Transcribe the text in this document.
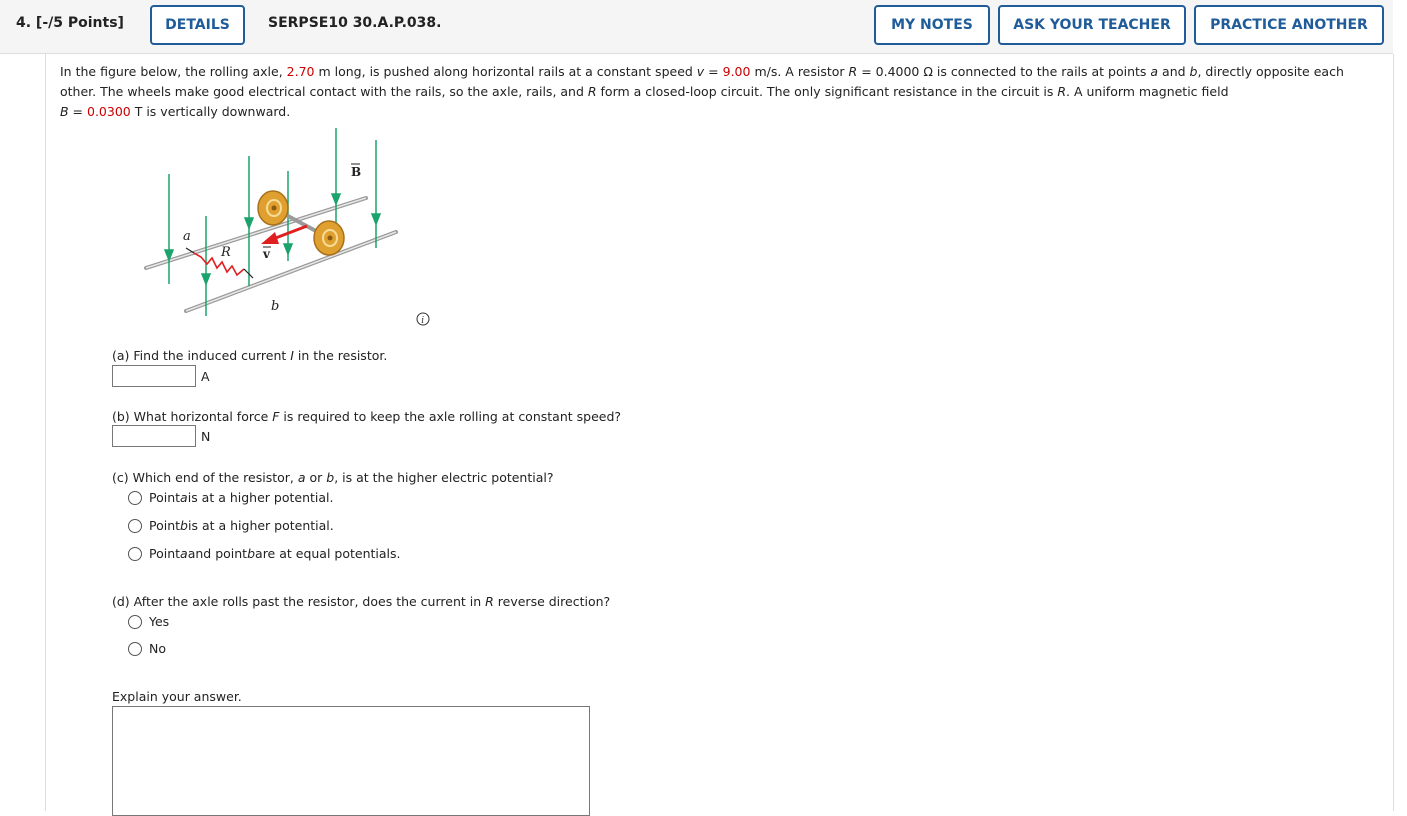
4. [-/5 Points]	DETAILS	SERPSE10 30.A.P.038.	MY NOTES	ASK YOUR TEACHER	PRACTICE ANOTHER
In the figure below, the rolling axle, 2.70 m long, is pushed along horizontal rails at a constant speed v = 9.00 m/s. A resistor R = 0.4000 Ω is connected to the rails at points a and b, directly opposite each other. The wheels make good electrical contact with the rails, so the axle, rails, and R form a closed-loop circuit. The only significant resistance in the circuit is R. A uniform magnetic field
B = 0.0300 T is vertically downward.
a
b
R	v
B
i
(a) Find the induced current I in the resistor.
A
(b) What horizontal force F is required to keep the axle rolling at constant speed?
N
(c) Which end of the resistor, a or b, is at the higher electric potential?
Point a is at a higher potential.
Point b is at a higher potential.
Point a and point b are at equal potentials.
(d) After the axle rolls past the resistor, does the current in R reverse direction?
Yes
No
Explain your answer.
